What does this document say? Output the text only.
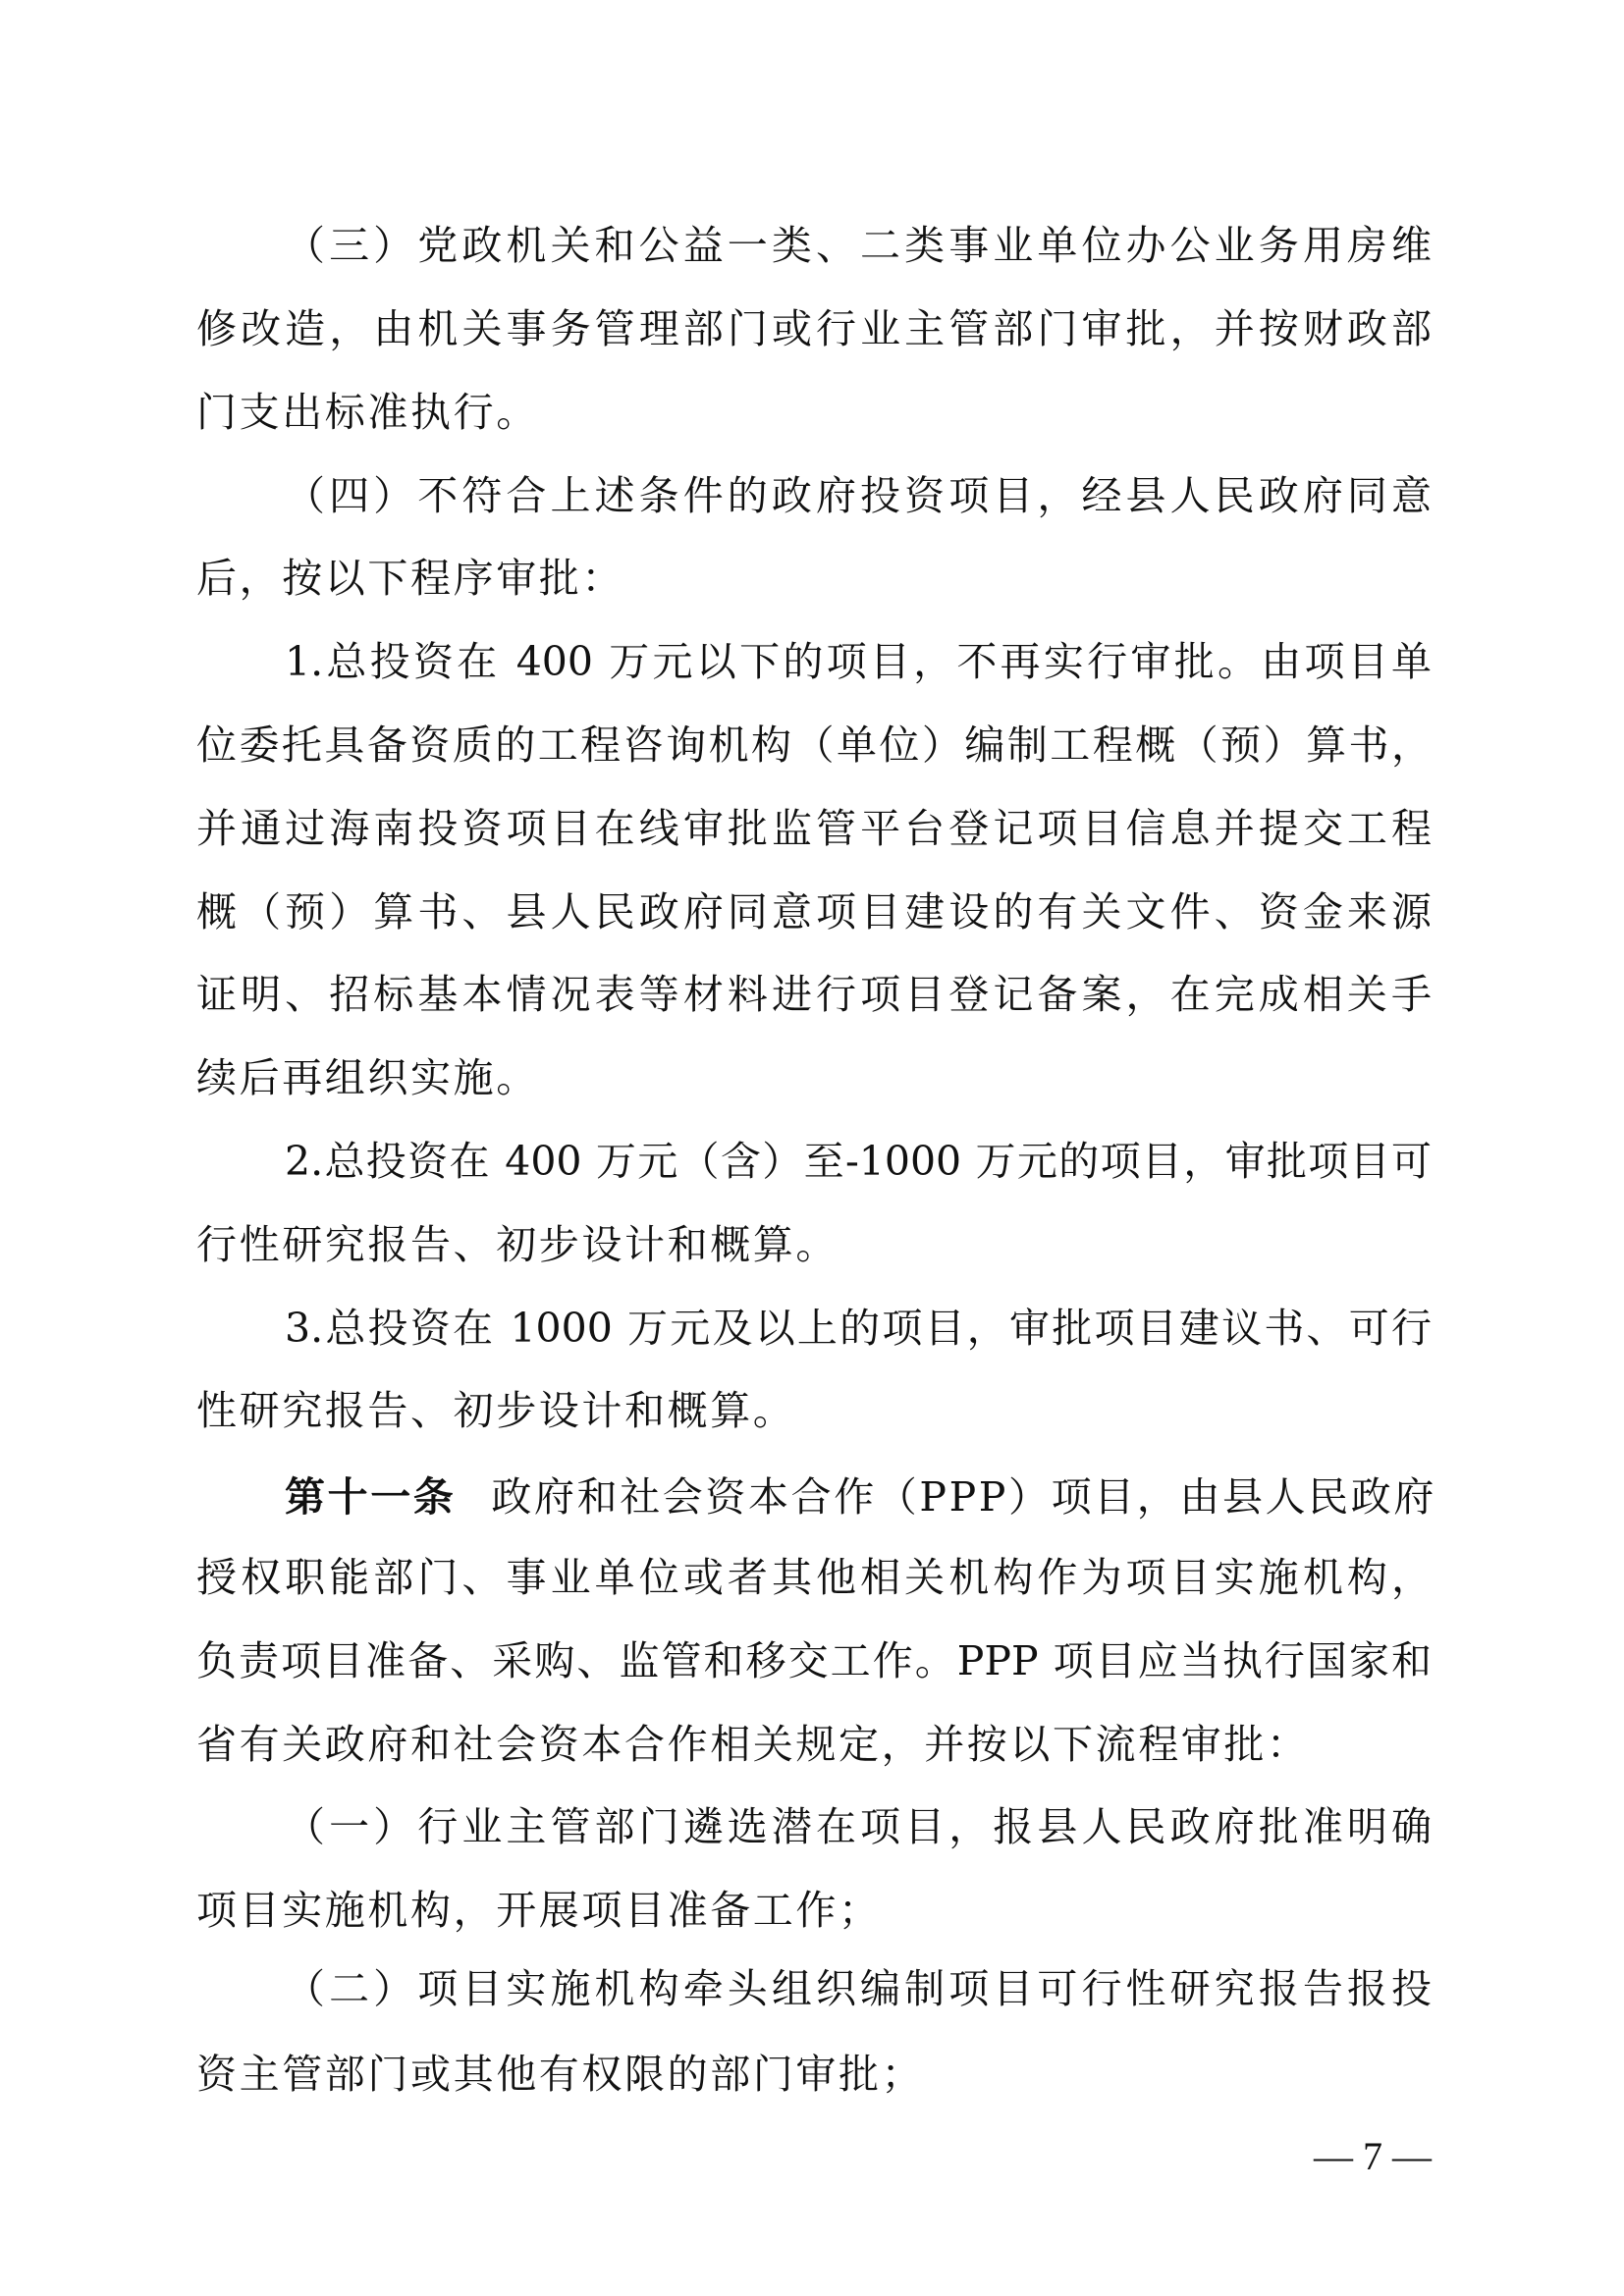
（三）党政机关和公益一类、二类事业单位办公业务用房维
修改造，由机关事务管理部门或行业主管部门审批，并按财政部
门支出标准执行。
（四）不符合上述条件的政府投资项目，经县人民政府同意
后，按以下程序审批：
1.总投资在 400 万元以下的项目，不再实行审批。由项目单
位委托具备资质的工程咨询机构（单位）编制工程概（预）算书，
并通过海南投资项目在线审批监管平台登记项目信息并提交工程
概（预）算书、县人民政府同意项目建设的有关文件、资金来源
证明、招标基本情况表等材料进行项目登记备案，在完成相关手
续后再组织实施。
2.总投资在 400 万元（含）至-1000 万元的项目，审批项目可
行性研究报告、初步设计和概算。
3.总投资在 1000 万元及以上的项目，审批项目建议书、可行
性研究报告、初步设计和概算。
第十一条 政府和社会资本合作（PPP）项目，由县人民政府
授权职能部门、事业单位或者其他相关机构作为项目实施机构，
负责项目准备、采购、监管和移交工作。PPP 项目应当执行国家和
省有关政府和社会资本合作相关规定，并按以下流程审批：
（一）行业主管部门遴选潜在项目，报县人民政府批准明确
项目实施机构，开展项目准备工作；
（二）项目实施机构牵头组织编制项目可行性研究报告报投
资主管部门或其他有权限的部门审批；
— 7 —
